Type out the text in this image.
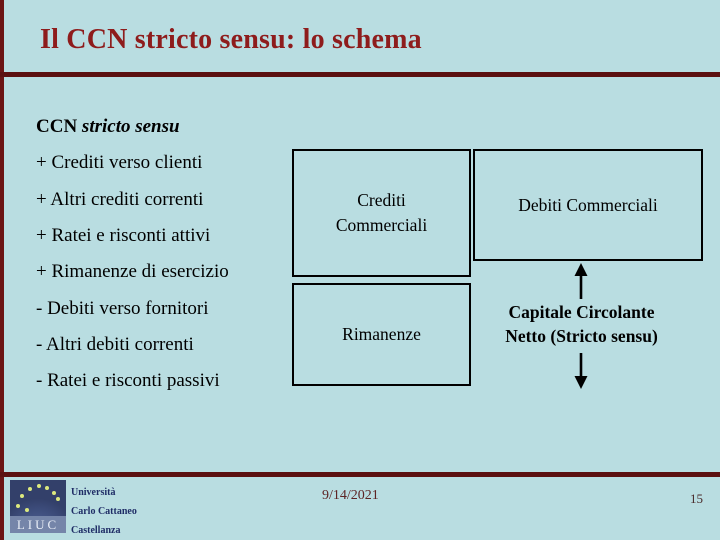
Il CCN stricto sensu: lo schema
CCN
stricto sensu
+ Crediti verso clienti
+ Altri crediti correnti
+ Ratei e risconti attivi
+ Rimanenze di esercizio
- Debiti verso fornitori
- Altri debiti correnti
- Ratei e risconti passivi
Crediti
Commerciali
Rimanenze
Debiti Commerciali
Capitale Circolante
Netto (Stricto sensu)
LIUC
Università
Carlo Cattaneo
Castellanza
9/14/2021	15
